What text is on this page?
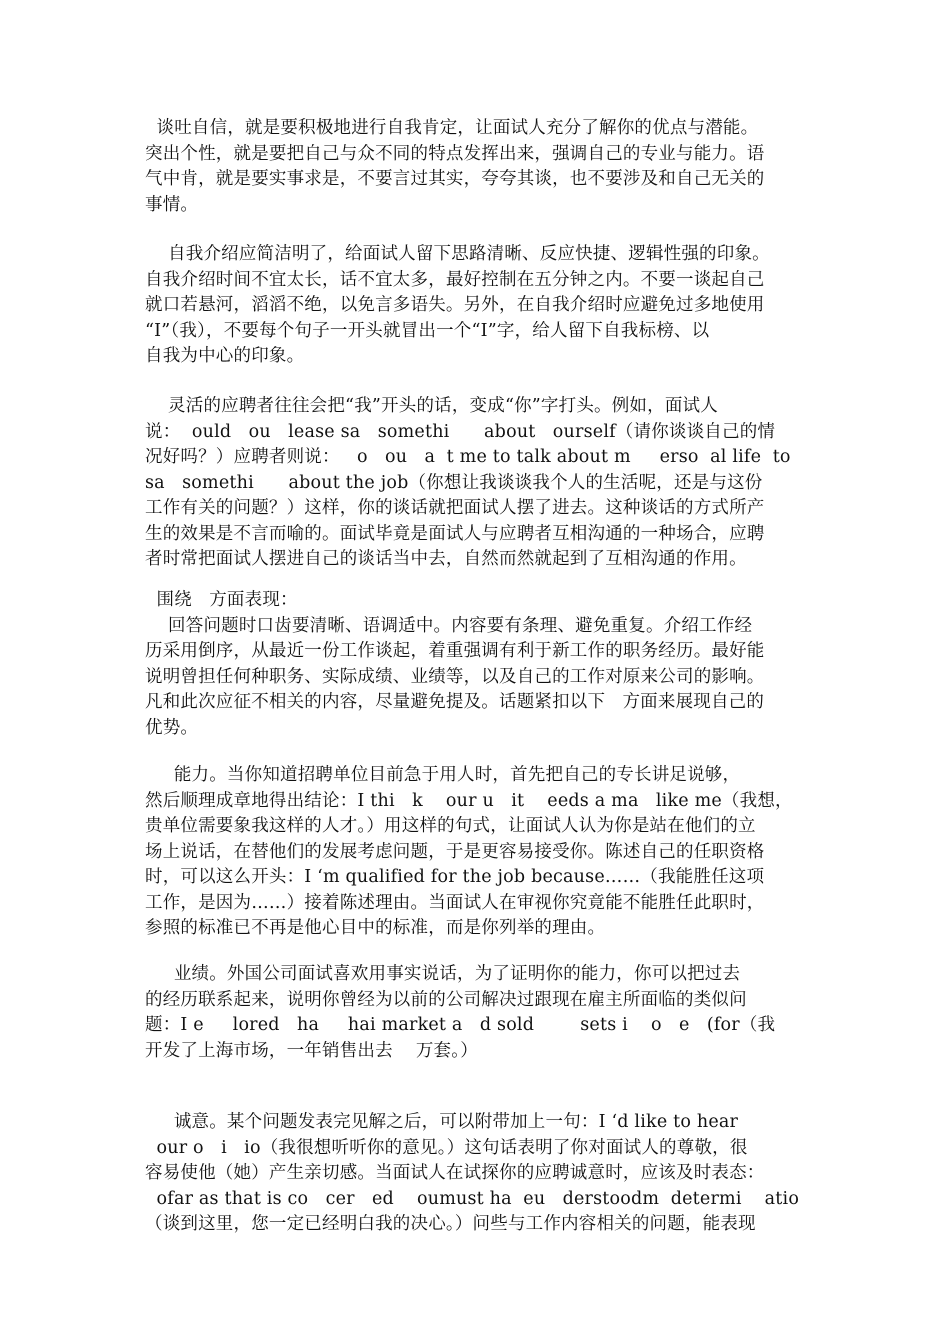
谈吐自信，就是要积极地进行自我肯定，让面试人充分了解你的优点与潜能。
突出个性，就是要把自己与众不同的特点发挥出来，强调自己的专业与能力。语
气中肯，就是要实事求是，不要言过其实，夸夸其谈，也不要涉及和自己无关的
事情。
自我介绍应简洁明了，给面试人留下思路清晰、反应快捷、逻辑性强的印象。
自我介绍时间不宜太长，话不宜太多，最好控制在五分钟之内。不要一谈起自己
就口若悬河，滔滔不绝，以免言多语失。另外，在自我介绍时应避免过多地使用
“I”（我），不要每个句子一开头就冒出一个“I”字，给人留下自我标榜、以
自我为中心的印象。
灵活的应聘者往往会把“我”开头的话，变成“你”字打头。例如，面试人
说：  ould   ou   lease sa   somethi      about   ourself（请你谈谈自己的情
况好吗？）应聘者则说：   o   ou   a  t me to talk about m     erso  al life  to
sa   somethi      about the job（你想让我谈谈我个人的生活呢，还是与这份
工作有关的问题？）这样，你的谈话就把面试人摆了进去。这种谈话的方式所产
生的效果是不言而喻的。面试毕竟是面试人与应聘者互相沟通的一种场合，应聘
者时常把面试人摆进自己的谈话当中去，自然而然就起到了互相沟通的作用。
围绕   方面表现：
回答问题时口齿要清晰、语调适中。内容要有条理、避免重复。介绍工作经
历采用倒序，从最近一份工作谈起，着重强调有利于新工作的职务经历。最好能
说明曾担任何种职务、实际成绩、业绩等，以及自己的工作对原来公司的影响。
凡和此次应征不相关的内容，尽量避免提及。话题紧扣以下   方面来展现自己的
优势。
能力。当你知道招聘单位目前急于用人时，首先把自己的专长讲足说够，
然后顺理成章地得出结论：I thi   k    our u   it    eeds a ma   like me（我想，
贵单位需要象我这样的人才。）用这样的句式，让面试人认为你是站在他们的立
场上说话，在替他们的发展考虑问题，于是更容易接受你。陈述自己的任职资格
时，可以这么开头：I ‘m qualified for the job because……（我能胜任这项
工作，是因为……）接着陈述理由。当面试人在审视你究竟能不能胜任此职时，
参照的标准已不再是他心目中的标准，而是你列举的理由。
业绩。外国公司面试喜欢用事实说话，为了证明你的能力，你可以把过去
的经历联系起来，说明你曾经为以前的公司解决过跟现在雇主所面临的类似问
题：I e     lored   ha     hai market a   d sold        sets i    o   e   (for（我
开发了上海市场，一年销售出去    万套。）
诚意。某个问题发表完见解之后，可以附带加上一句：I ‘d like to hear
our o   i   io（我很想听听你的意见。）这句话表明了你对面试人的尊敬，很
容易使他（她）产生亲切感。当面试人在试探你的应聘诚意时，应该及时表态：
ofar as that is co   cer   ed    oumust ha  eu   derstoodm  determi    atio
（谈到这里，您一定已经明白我的决心。）问些与工作内容相关的问题，能表现
